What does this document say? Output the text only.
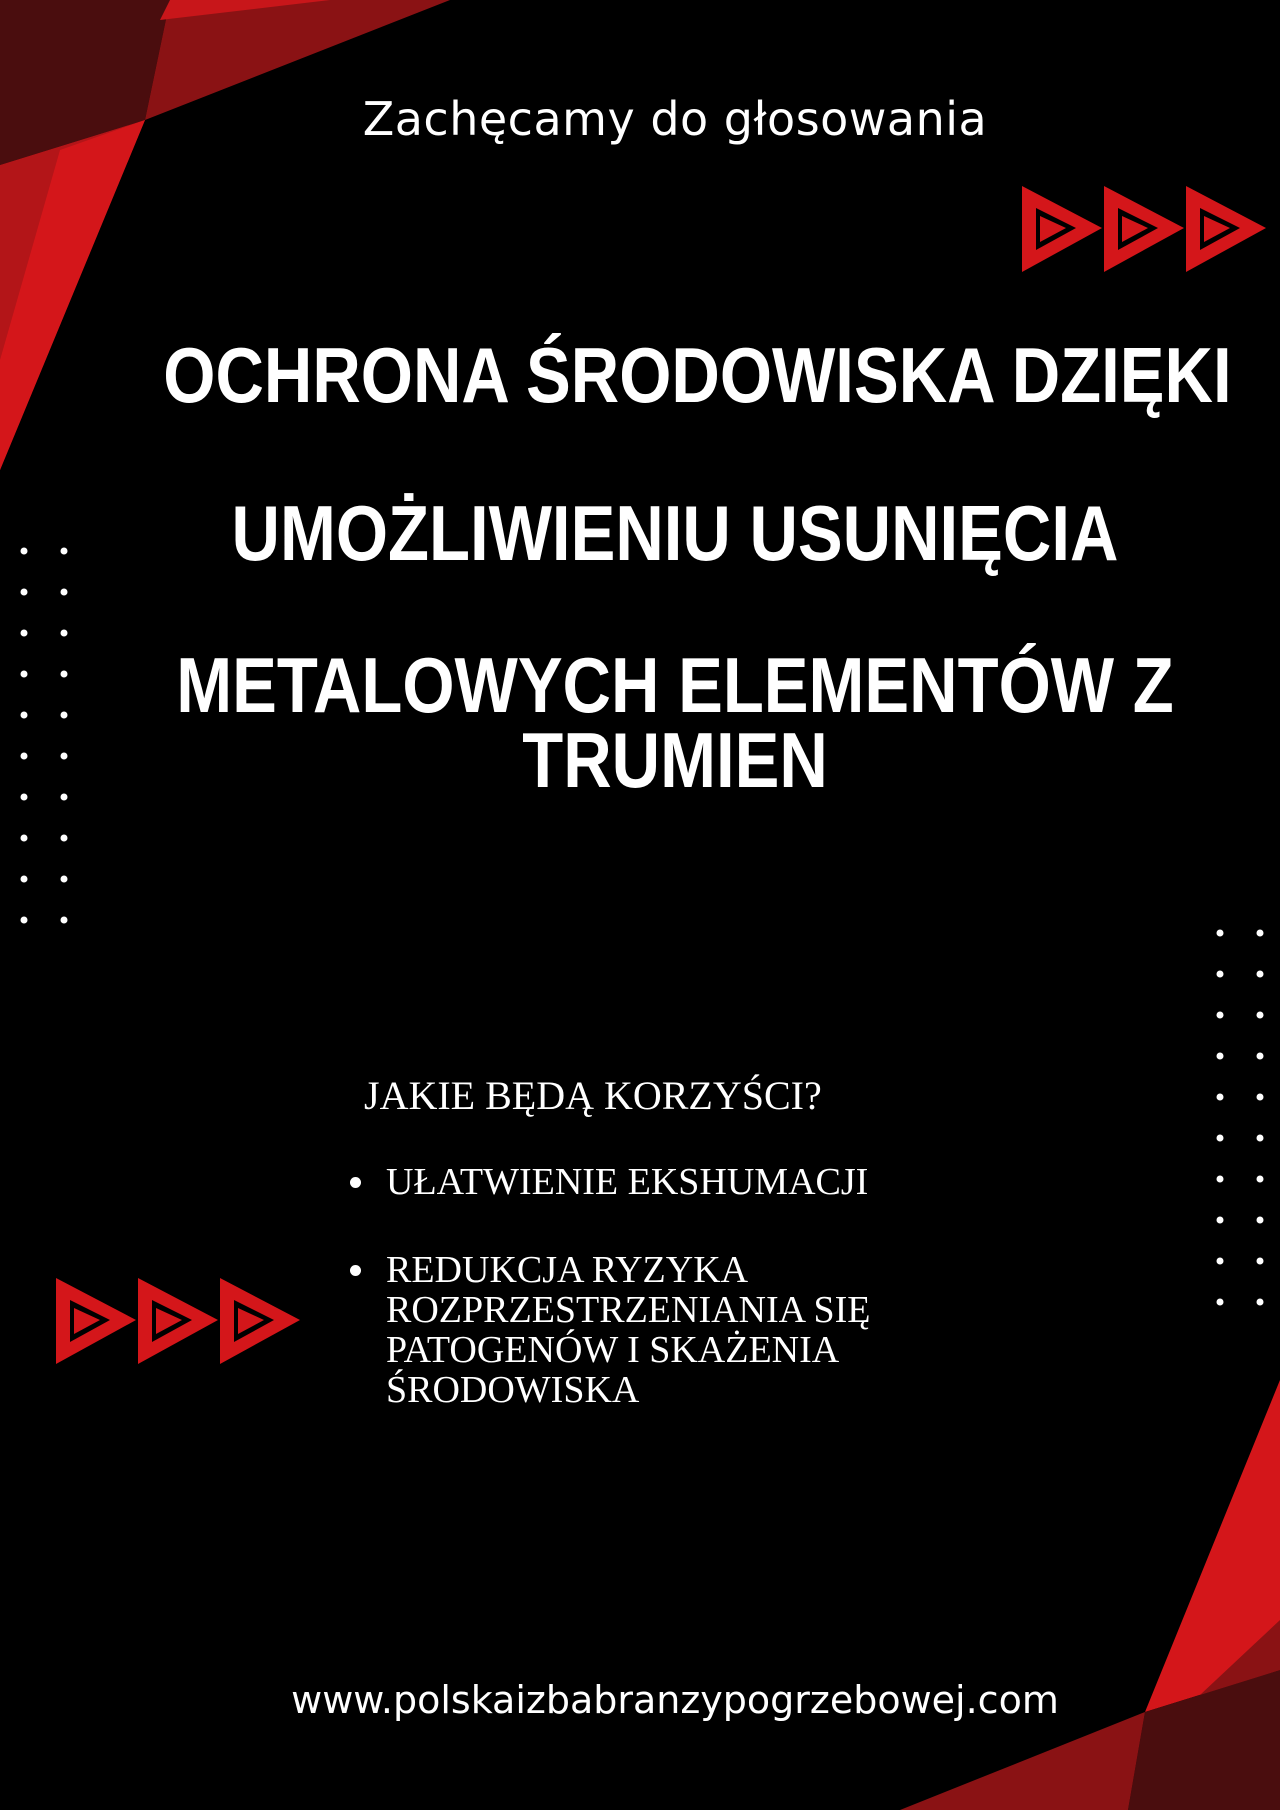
Zachęcamy do głosowania
OCHRONA ŚRODOWISKA DZIĘKI
UMOŻLIWIENIU USUNIĘCIA
METALOWYCH ELEMENTÓW Z
TRUMIEN
JAKIE BĘDĄ KORZYŚCI?
UŁATWIENIE EKSHUMACJI
REDUKCJA RYZYKA
ROZPRZESTRZENIANIA SIĘ
PATOGENÓW I SKAŻENIA
ŚRODOWISKA
www.polskaizbabranzypogrzebowej.com
